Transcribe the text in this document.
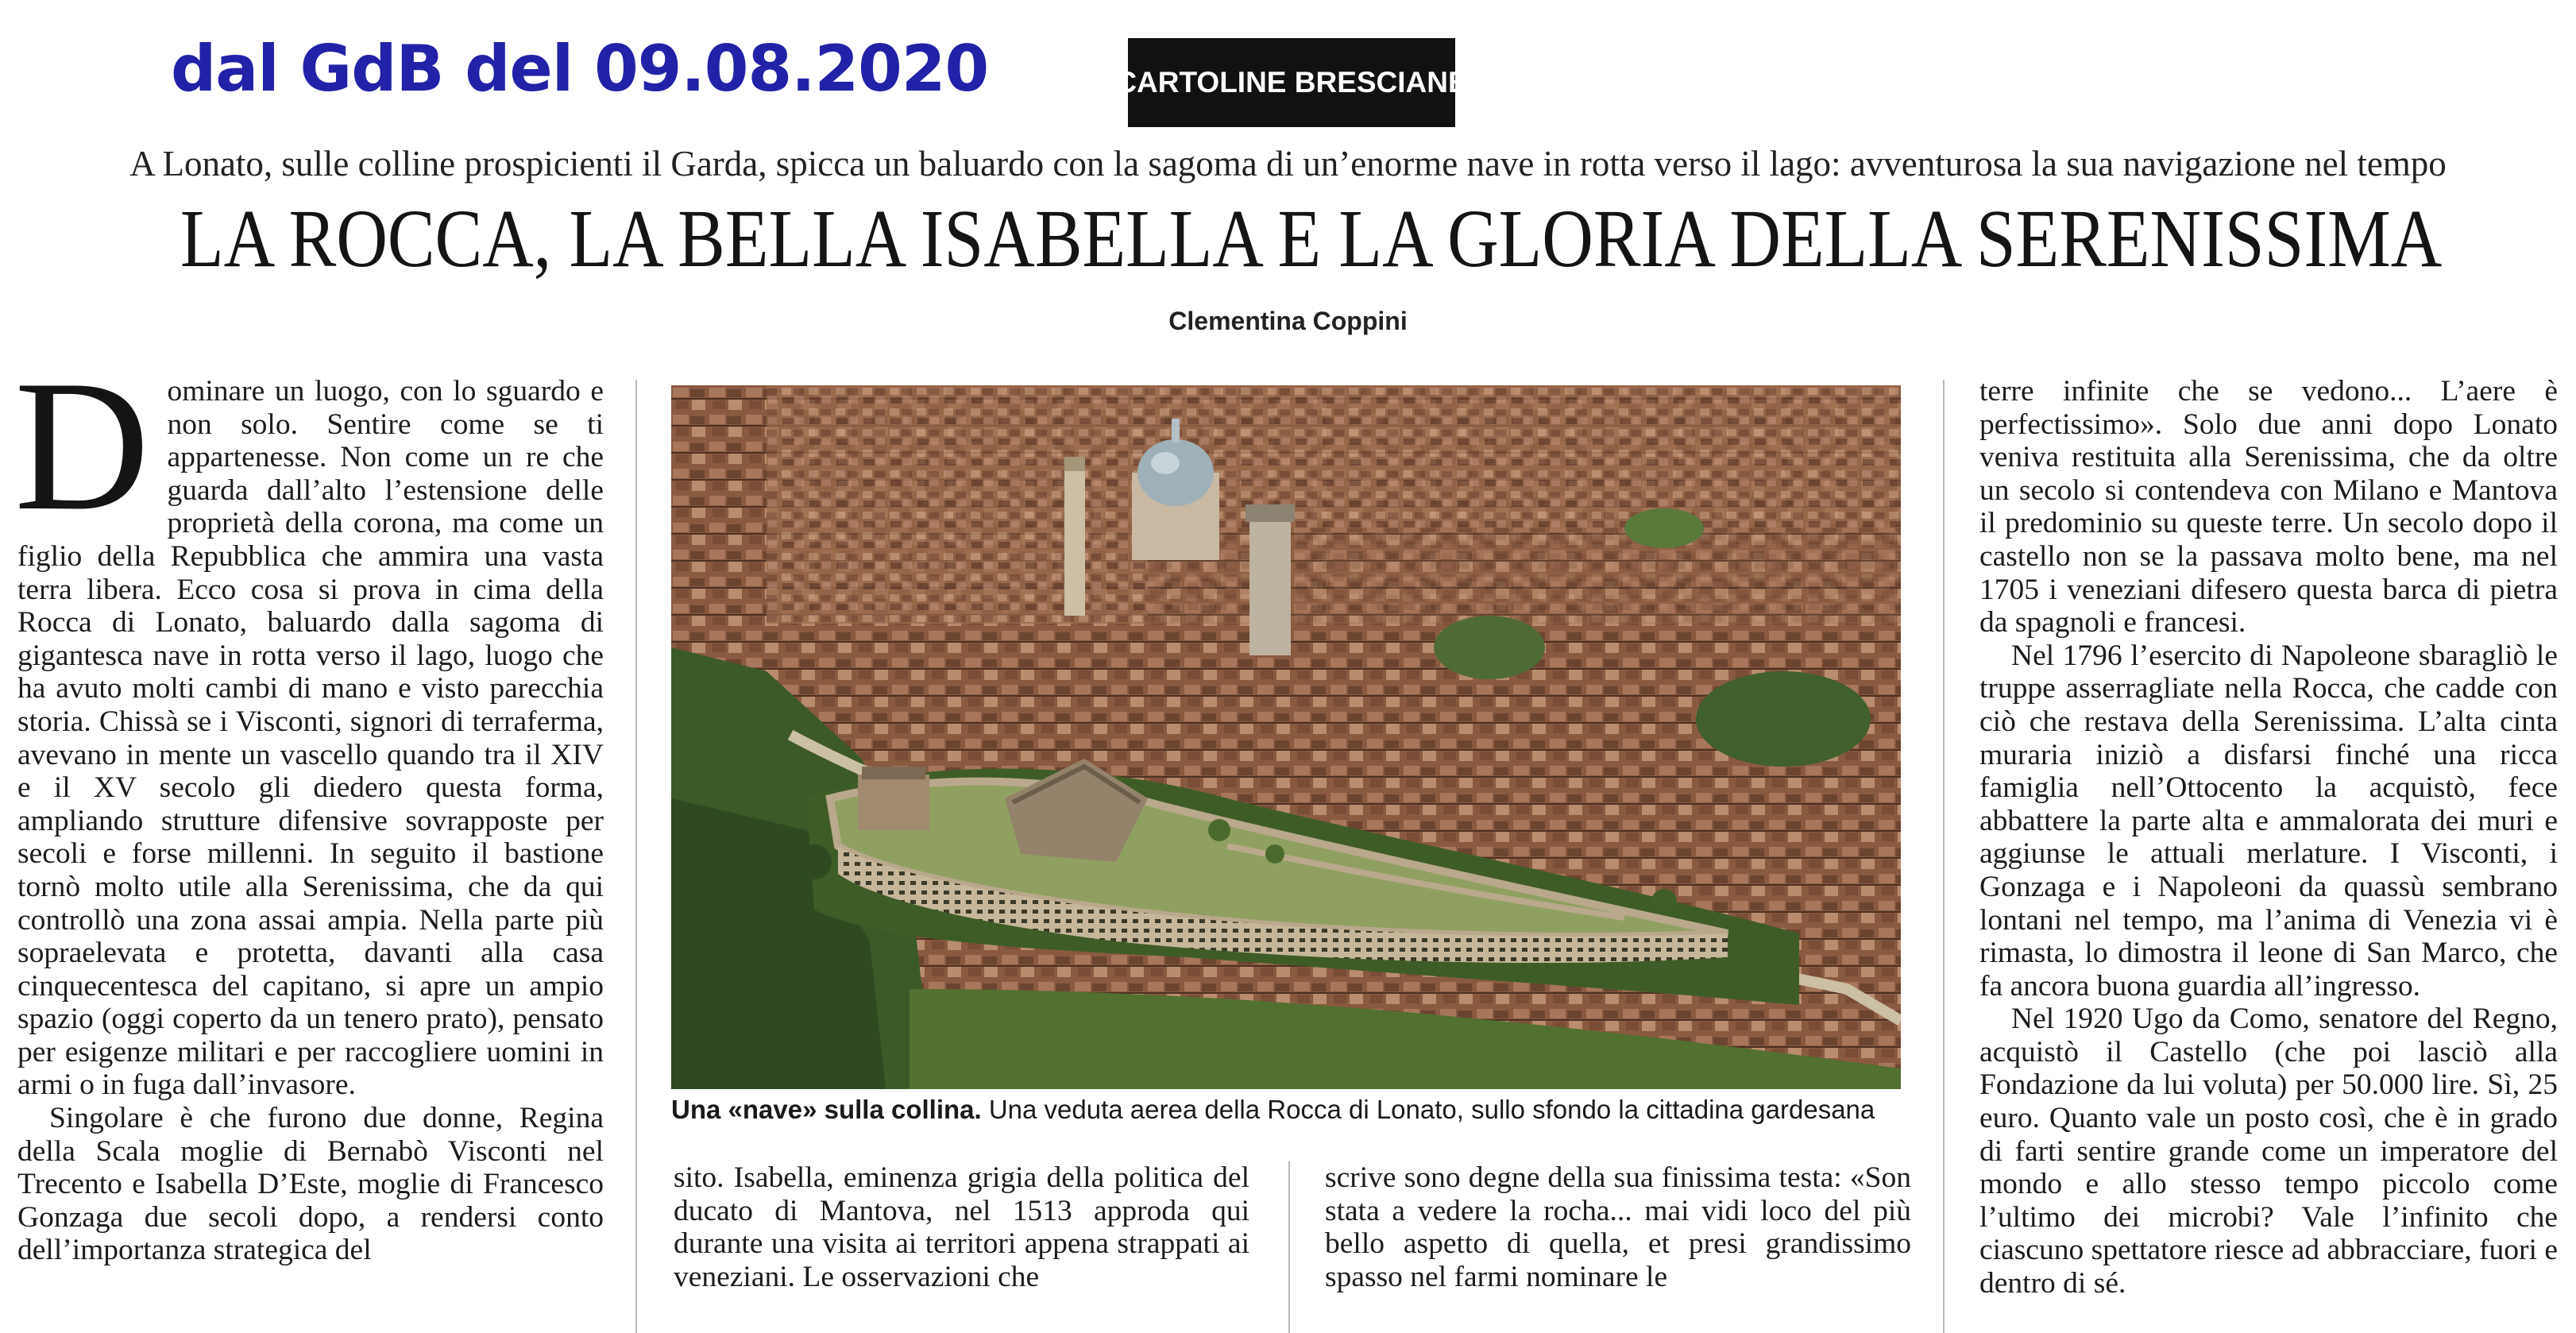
dal GdB del 09.08.2020	CARTOLINE BRESCIANE
A Lonato, sulle colline prospicienti il Garda, spicca un baluardo con la sagoma di un’enorme nave in rotta verso il lago: avventurosa la sua navigazione nel tempo
LA ROCCA, LA BELLA ISABELLA E LA GLORIA DELLA SERENISSIMA
Clementina Coppini

Dominare un luogo, con lo sguardo e non solo. Sentire come se ti appartenesse. Non come un re che guarda dall’alto l’estensione delle proprietà della corona, ma come un figlio della Repubblica che ammira una vasta terra libera. Ecco cosa si prova in cima della Rocca di Lonato, baluardo dalla sagoma di gigantesca nave in rotta verso il lago, luogo che ha avuto molti cambi di mano e visto parecchia storia. Chissà se i Visconti, signori di terraferma, avevano in mente un vascello quando tra il XIV e il XV secolo gli diedero questa forma, ampliando strutture difensive sovrapposte per secoli e forse millenni. In seguito il bastione tornò molto utile alla Serenissima, che da qui controllò una zona assai ampia. Nella parte più sopraelevata e protetta, davanti alla casa cinquecentesca del capitano, si apre un ampio spazio (oggi coperto da un tenero prato), pensato per esigenze militari e per raccogliere uomini in armi o in fuga dall’invasore.

Singolare è che furono due donne, Regina della Scala moglie di Bernabò Visconti nel Trecento e Isabella D’Este, moglie di Francesco Gonzaga due secoli dopo, a rendersi conto dell’importanza strategica del

Una «nave» sulla collina. Una veduta aerea della Rocca di Lonato, sullo sfondo la cittadina gardesana

sito. Isabella, eminenza grigia della politica del ducato di Mantova, nel 1513 approda qui durante una visita ai territori appena strappati ai veneziani. Le osservazioni che

scrive sono degne della sua finissima testa: «Son stata a vedere la rocha... mai vidi loco del più bello aspetto di quella, et presi grandissimo spasso nel farmi nominare le

terre infinite che se vedono... L’aere è perfectissimo». Solo due anni dopo Lonato veniva restituita alla Serenissima, che da oltre un secolo si contendeva con Milano e Mantova il predominio su queste terre. Un secolo dopo il castello non se la passava molto bene, ma nel 1705 i veneziani difesero questa barca di pietra da spagnoli e francesi.

Nel 1796 l’esercito di Napoleone sbaragliò le truppe asserragliate nella Rocca, che cadde con ciò che restava della Serenissima. L’alta cinta muraria iniziò a disfarsi finché una ricca famiglia nell’Ottocento la acquistò, fece abbattere la parte alta e ammalorata dei muri e aggiunse le attuali merlature. I Visconti, i Gonzaga e i Napoleoni da quassù sembrano lontani nel tempo, ma l’anima di Venezia vi è rimasta, lo dimostra il leone di San Marco, che fa ancora buona guardia all’ingresso.

Nel 1920 Ugo da Como, senatore del Regno, acquistò il Castello (che poi lasciò alla Fondazione da lui voluta) per 50.000 lire. Sì, 25 euro. Quanto vale un posto così, che è in grado di farti sentire grande come un imperatore del mondo e allo stesso tempo piccolo come l’ultimo dei microbi? Vale l’infinito che ciascuno spettatore riesce ad abbracciare, fuori e dentro di sé.
